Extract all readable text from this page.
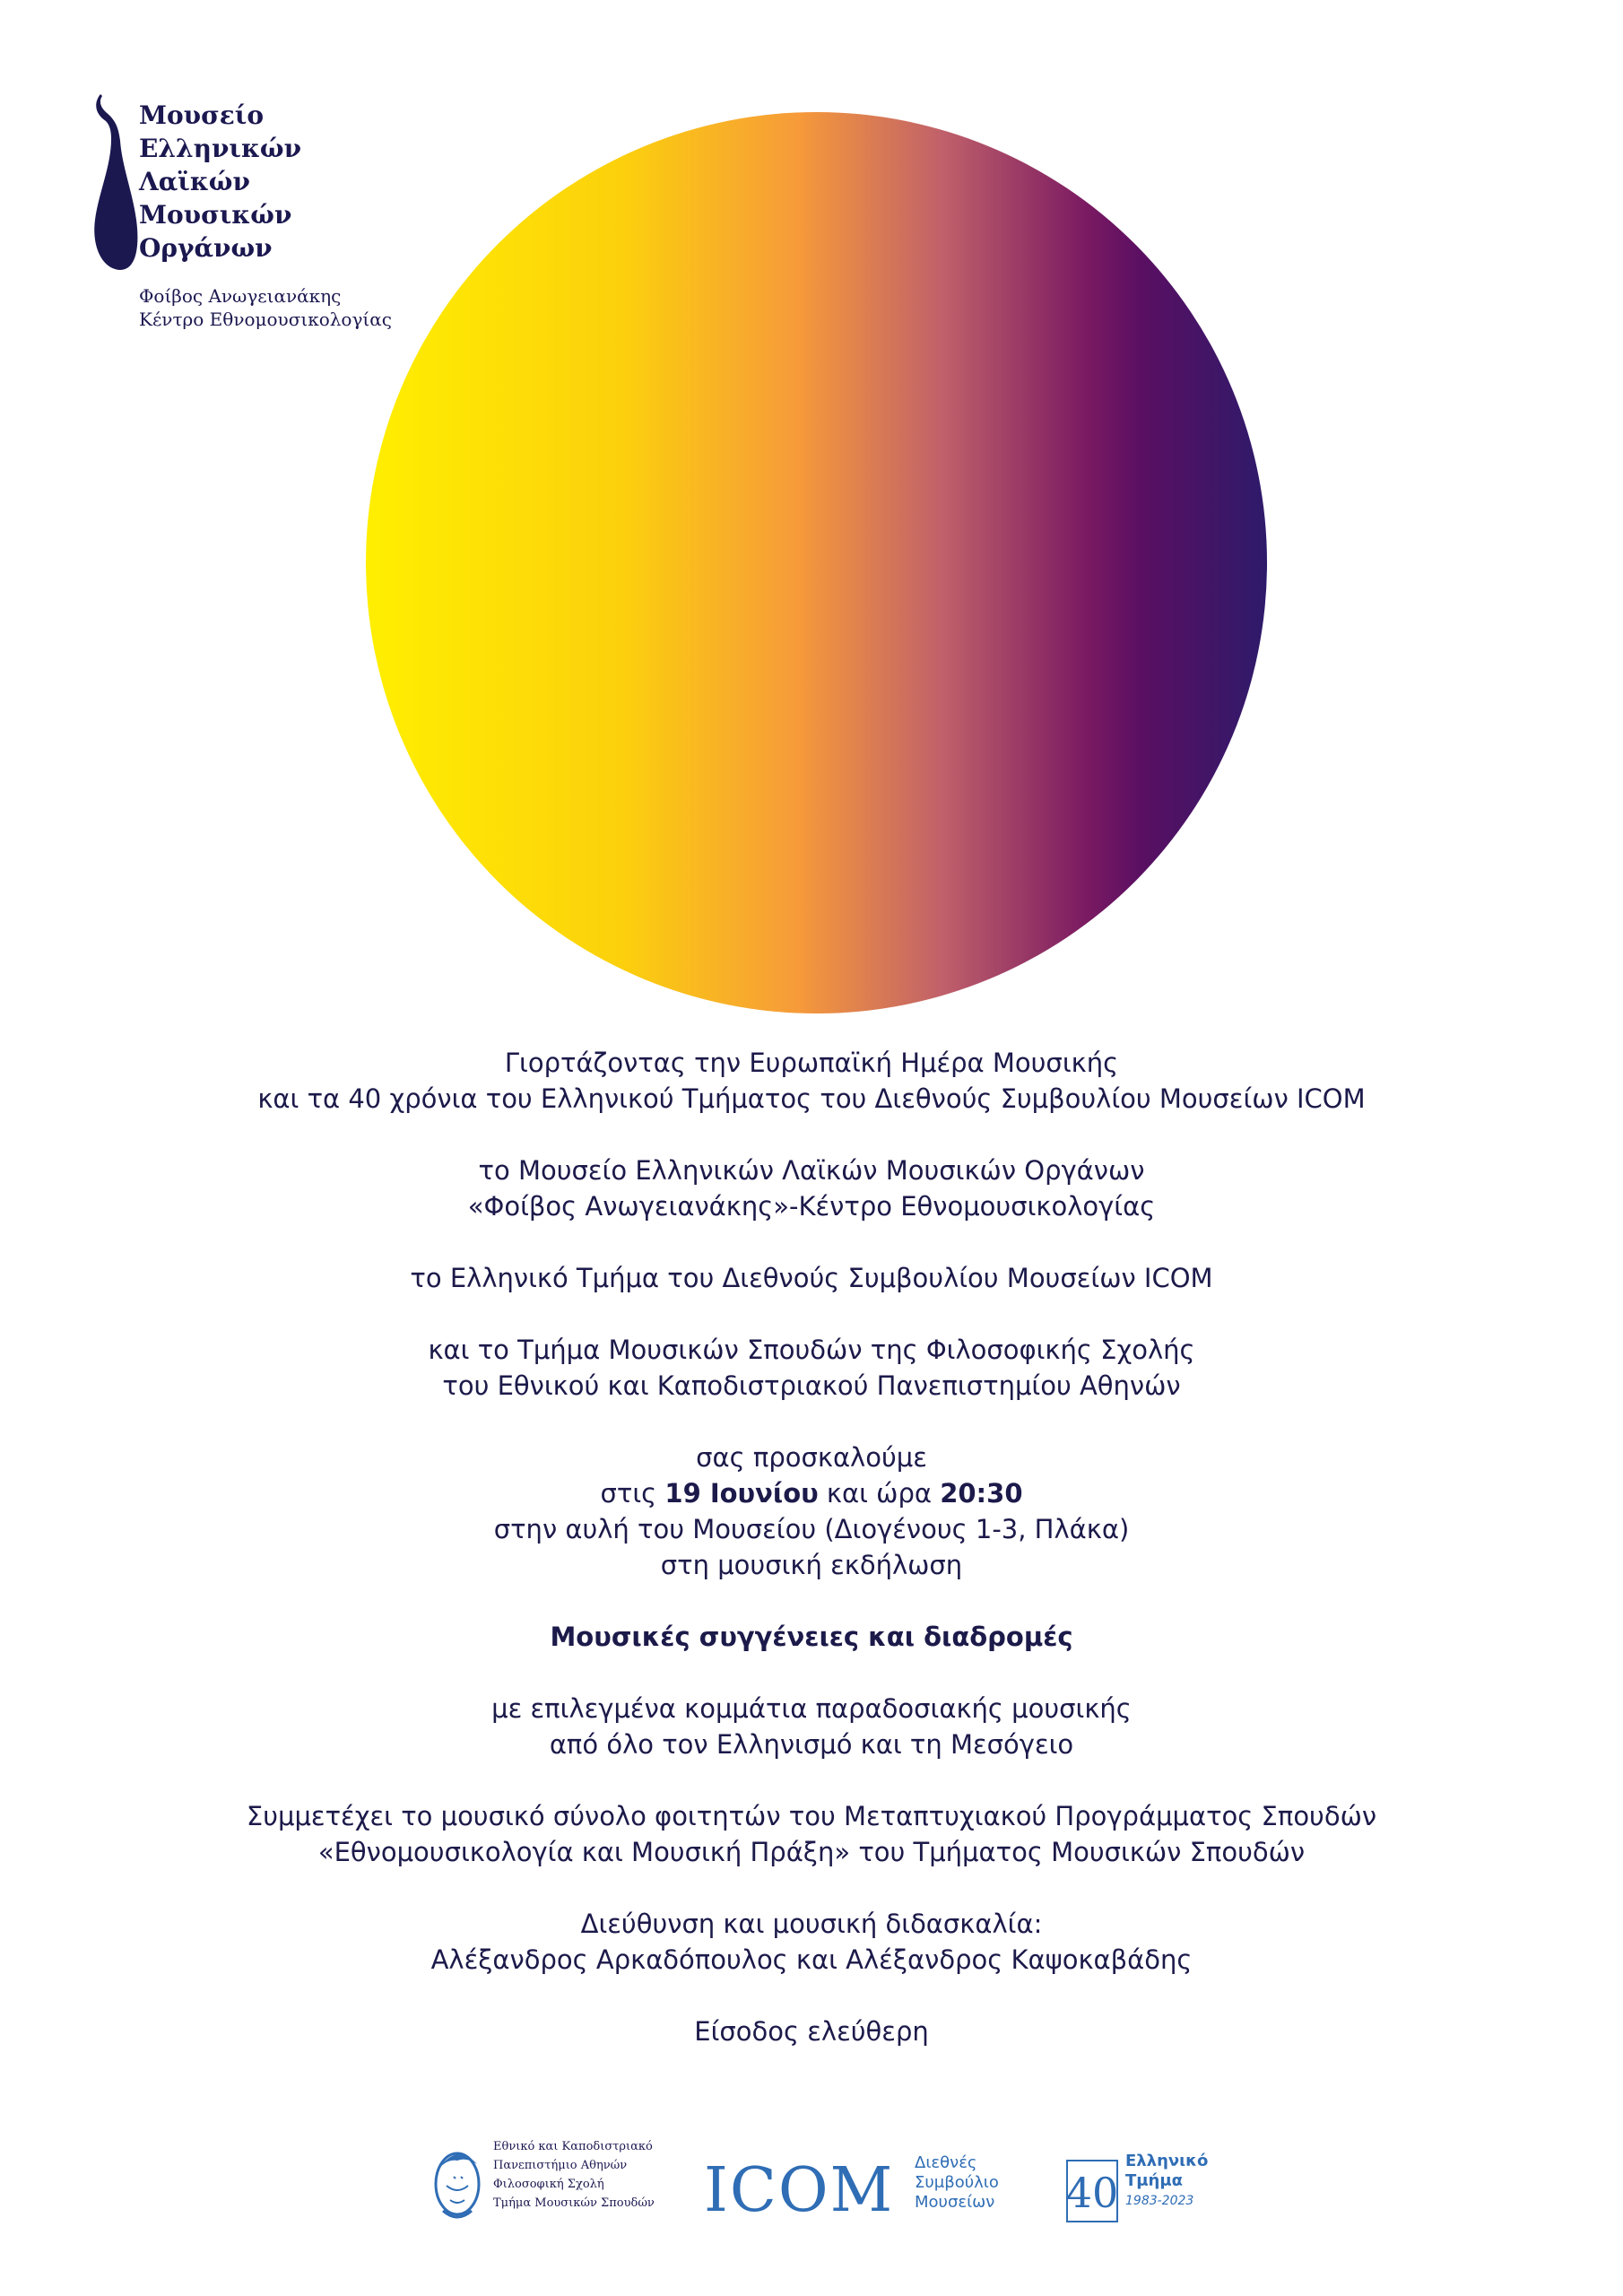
Μουσείο
Ελληνικών
Λαϊκών
Μουσικών
Οργάνων
Φοίβος Ανωγειανάκης
Κέντρο Εθνομουσικολογίας

Γιορτάζοντας την Ευρωπαϊκή Ημέρα Μουσικής
και τα 40 χρόνια του Ελληνικού Τμήματος του Διεθνούς Συμβουλίου Μουσείων ICOM

το Μουσείο Ελληνικών Λαϊκών Μουσικών Οργάνων
«Φοίβος Ανωγειανάκης»-Κέντρο Εθνομουσικολογίας

το Ελληνικό Τμήμα του Διεθνούς Συμβουλίου Μουσείων ICOM

και το Τμήμα Μουσικών Σπουδών της Φιλοσοφικής Σχολής
του Εθνικού και Καποδιστριακού Πανεπιστημίου Αθηνών

σας προσκαλούμε
στις 19 Ιουνίου και ώρα 20:30
στην αυλή του Μουσείου (Διογένους 1-3, Πλάκα)
στη μουσική εκδήλωση

Μουσικές συγγένειες και διαδρομές

με επιλεγμένα κομμάτια παραδοσιακής μουσικής
από όλο τον Ελληνισμό και τη Μεσόγειο

Συμμετέχει το μουσικό σύνολο φοιτητών του Μεταπτυχιακού Προγράμματος Σπουδών
«Εθνομουσικολογία και Μουσική Πράξη» του Τμήματος Μουσικών Σπουδών

Διεύθυνση και μουσική διδασκαλία:
Αλέξανδρος Αρκαδόπουλος και Αλέξανδρος Καψοκαβάδης

Είσοδος ελεύθερη

Εθνικό και Καποδιστριακό
Πανεπιστήμιο Αθηνών
Φιλοσοφική Σχολή
Τμήμα Μουσικών Σπουδών ICOM Διεθνές
Συμβούλιο
Μουσείων 40
Ελληνικό
Τμήμα
1983-2023
